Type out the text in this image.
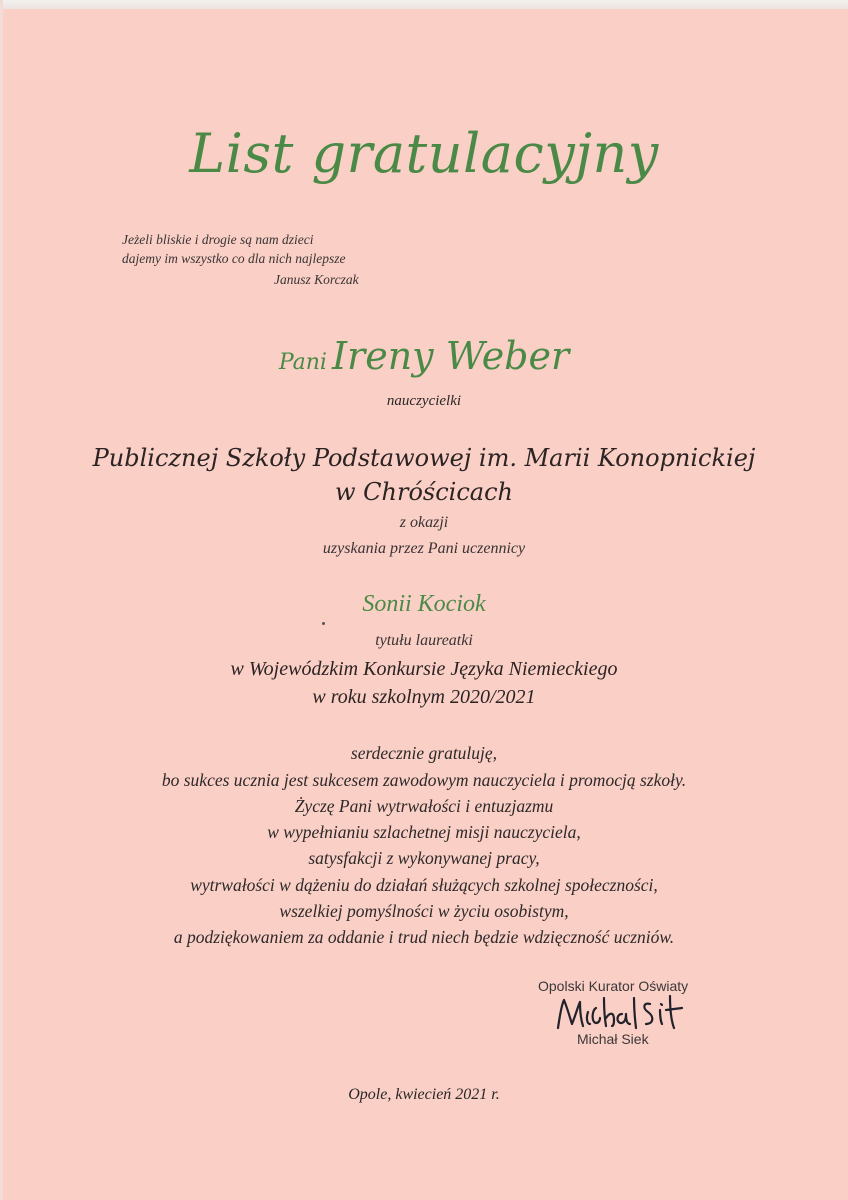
List gratulacyjny
Jeżeli bliskie i drogie są nam dzieci
dajemy im wszystko co dla nich najlepsze
Janusz Korczak
Pani Ireny Weber
nauczycielki
Publicznej Szkoły Podstawowej im. Marii Konopnickiej
w Chróścicach
z okazji
uzyskania przez Pani uczennicy
Sonii Kociok
tytułu laureatki
w Wojewódzkim Konkursie Języka Niemieckiego
w roku szkolnym 2020/2021
serdecznie gratuluję,
bo sukces ucznia jest sukcesem zawodowym nauczyciela i promocją szkoły.
Życzę Pani wytrwałości i entuzjazmu
w wypełnianiu szlachetnej misji nauczyciela,
satysfakcji z wykonywanej pracy,
wytrwałości w dążeniu do działań służących szkolnej społeczności,
wszelkiej pomyślności w życiu osobistym,
a podziękowaniem za oddanie i trud niech będzie wdzięczność uczniów.
Opolski Kurator Oświaty
Michał Siek
Opole, kwiecień 2021 r.
